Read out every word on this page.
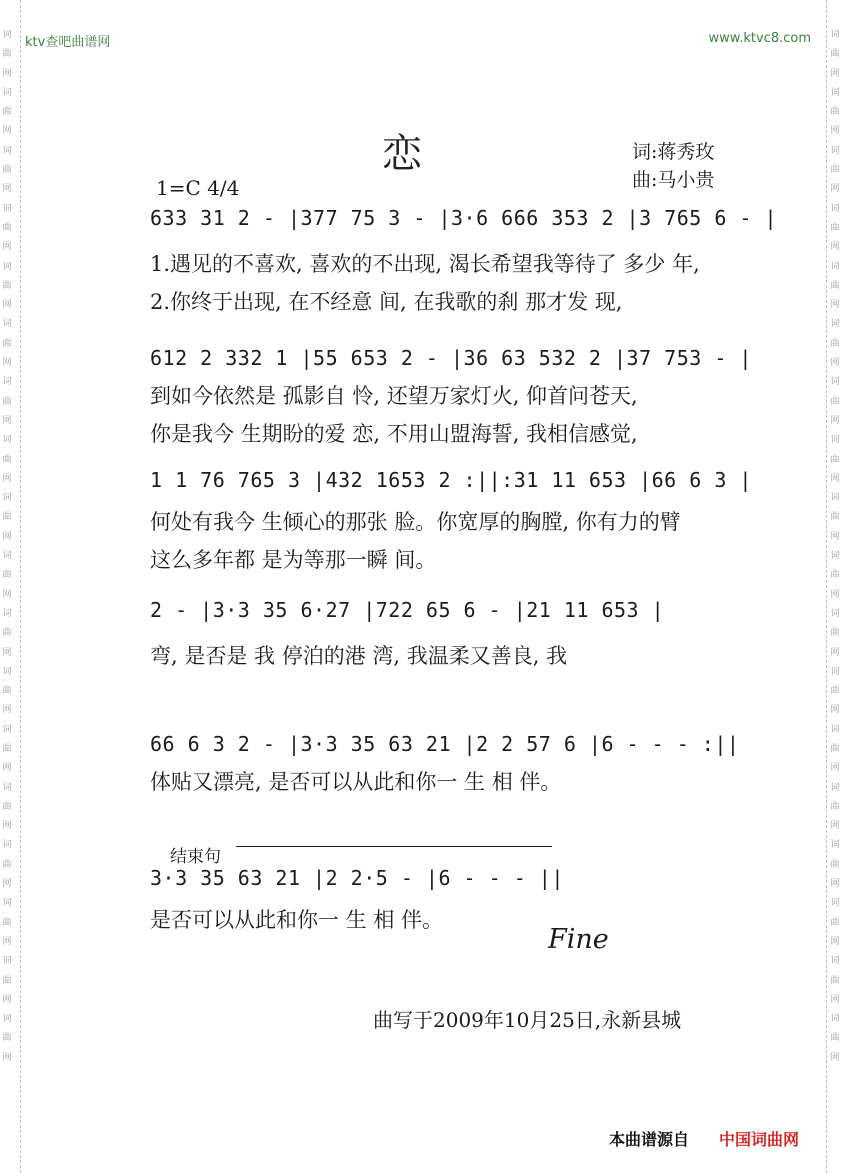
词曲网词曲网词曲网词曲网词曲网词曲网词曲网词曲网词曲网词曲网词曲网词曲网词曲网词曲网词曲网词曲网词曲网词曲网
词曲网词曲网词曲网词曲网词曲网词曲网词曲网词曲网词曲网词曲网词曲网词曲网词曲网词曲网词曲网词曲网词曲网词曲网
ktv查吧曲谱网	www.ktvc8.com
恋	词:蒋秀玫
曲:马小贵
1=C 4/4
633 31 2 - |377 75 3 - |3·6 666 353 2 |3 765 6 - |
1.遇见的不喜欢, 喜欢的不出现, 渴长希望我等待了 多少 年,
2.你终于出现, 在不经意 间, 在我歌的刹 那才发 现,
612 2 332 1 |55 653 2 - |36 63 532 2 |37 753 - |
到如今依然是 孤影自 怜, 还望万家灯火, 仰首问苍天,
你是我今 生期盼的爱 恋, 不用山盟海誓, 我相信感觉,
1 1 76 765 3 |432 1653 2 :||:31 11 653 |66 6 3 |
何处有我今 生倾心的那张 脸。你宽厚的胸膛, 你有力的臂
这么多年都 是为等那一瞬 间。
2 - |3·3 35 6·27 |722 65 6 - |21 11 653 |
弯, 是否是 我 停泊的港 湾, 我温柔又善良, 我
66 6 3 2 - |3·3 35 63 21 |2 2 57 6 |6 - - - :||
体贴又漂亮, 是否可以从此和你一 生 相 伴。
3·3 35 63 21 |2 2·5 - |6 - - - ||
是否可以从此和你一 生 相 伴。
结束句
Fine
曲写于2009年10月25日,永新县城
本曲谱源自 中国词曲网
